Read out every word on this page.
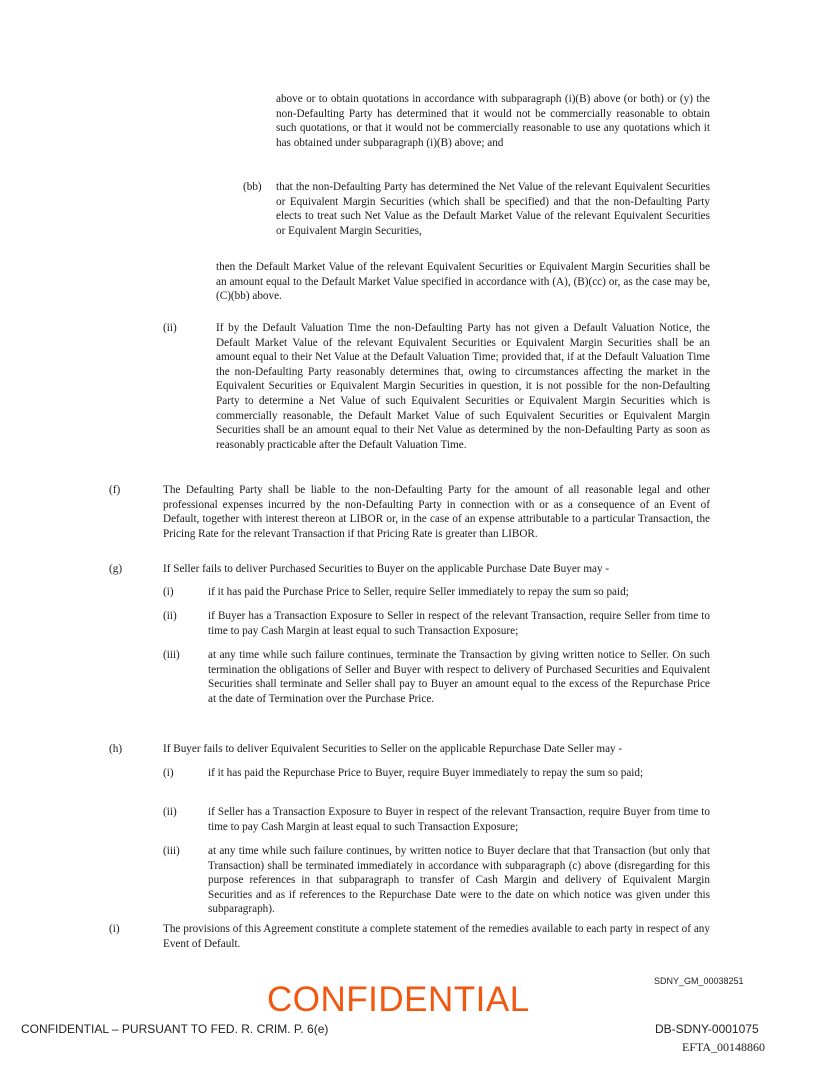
above or to obtain quotations in accordance with subparagraph (i)(B) above (or both) or (y) the non-Defaulting Party has determined that it would not be commercially reasonable to obtain such quotations, or that it would not be commercially reasonable to use any quotations which it has obtained under subparagraph (i)(B) above; and

(bb) that the non-Defaulting Party has determined the Net Value of the relevant Equivalent Securities or Equivalent Margin Securities (which shall be specified) and that the non-Defaulting Party elects to treat such Net Value as the Default Market Value of the relevant Equivalent Securities or Equivalent Margin Securities,

then the Default Market Value of the relevant Equivalent Securities or Equivalent Margin Securities shall be an amount equal to the Default Market Value specified in accordance with (A), (B)(cc) or, as the case may be, (C)(bb) above.

(ii)	If by the Default Valuation Time the non-Defaulting Party has not given a Default Valuation Notice, the Default Market Value of the relevant Equivalent Securities or Equivalent Margin Securities shall be an amount equal to their Net Value at the Default Valuation Time; provided that, if at the Default Valuation Time the non-Defaulting Party reasonably determines that, owing to circumstances affecting the market in the Equivalent Securities or Equivalent Margin Securities in question, it is not possible for the non-Defaulting Party to determine a Net Value of such Equivalent Securities or Equivalent Margin Securities which is commercially reasonable, the Default Market Value of such Equivalent Securities or Equivalent Margin Securities shall be an amount equal to their Net Value as determined by the non-Defaulting Party as soon as reasonably practicable after the Default Valuation Time.

(f)	The Defaulting Party shall be liable to the non-Defaulting Party for the amount of all reasonable legal and other professional expenses incurred by the non-Defaulting Party in connection with or as a consequence of an Event of Default, together with interest thereon at LIBOR or, in the case of an expense attributable to a particular Transaction, the Pricing Rate for the relevant Transaction if that Pricing Rate is greater than LIBOR.

(g)	If Seller fails to deliver Purchased Securities to Buyer on the applicable Purchase Date Buyer may -

(i)	if it has paid the Purchase Price to Seller, require Seller immediately to repay the sum so paid;

(ii)	if Buyer has a Transaction Exposure to Seller in respect of the relevant Transaction, require Seller from time to time to pay Cash Margin at least equal to such Transaction Exposure;

(iii)	at any time while such failure continues, terminate the Transaction by giving written notice to Seller. On such termination the obligations of Seller and Buyer with respect to delivery of Purchased Securities and Equivalent Securities shall terminate and Seller shall pay to Buyer an amount equal to the excess of the Repurchase Price at the date of Termination over the Purchase Price.

(h)	If Buyer fails to deliver Equivalent Securities to Seller on the applicable Repurchase Date Seller may -

(i)	if it has paid the Repurchase Price to Buyer, require Buyer immediately to repay the sum so paid;

(ii)	if Seller has a Transaction Exposure to Buyer in respect of the relevant Transaction, require Buyer from time to time to pay Cash Margin at least equal to such Transaction Exposure;

(iii)	at any time while such failure continues, by written notice to Buyer declare that that Transaction (but only that Transaction) shall be terminated immediately in accordance with subparagraph (c) above (disregarding for this purpose references in that subparagraph to transfer of Cash Margin and delivery of Equivalent Margin Securities and as if references to the Repurchase Date were to the date on which notice was given under this subparagraph).

(i)	The provisions of this Agreement constitute a complete statement of the remedies available to each party in respect of any Event of Default.

SDNY_GM_00038251
CONFIDENTIAL
CONFIDENTIAL – PURSUANT TO FED. R. CRIM. P. 6(e)	DB-SDNY-0001075
EFTA_00148860
